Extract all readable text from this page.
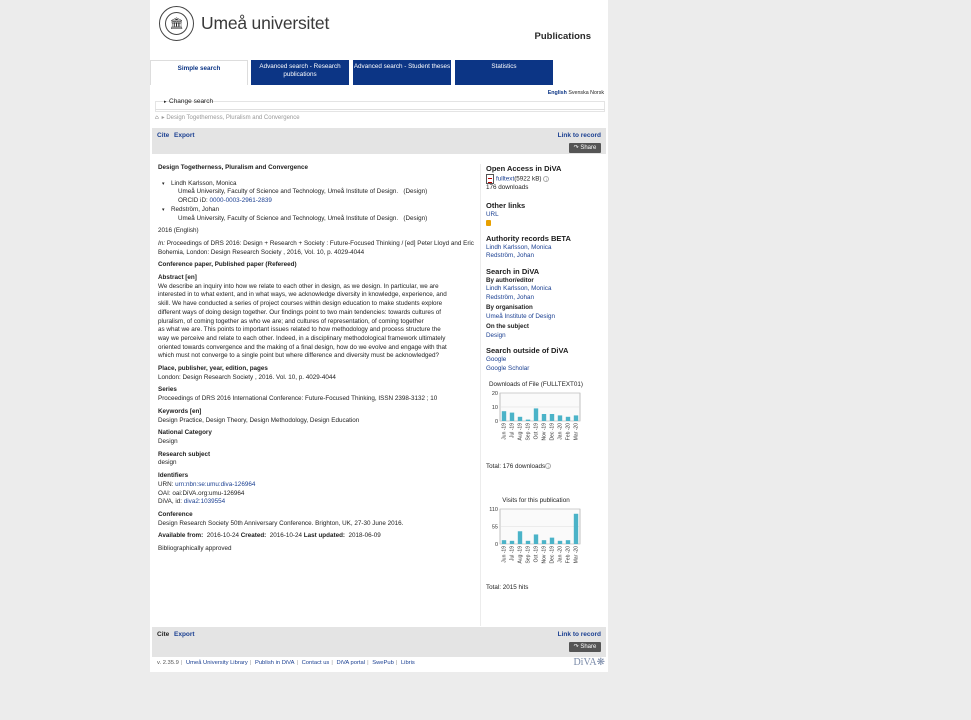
🏛 Umeå universitet
Publications
Simple search	Advanced search - Research publications
Advanced search - Student theses	Statistics
English Svenska Norsk
▸ Change search
⌂ ▸ Design Togetherness, Pluralism and Convergence
Cite Export	Link to record
↷ Share
Design Togetherness, Pluralism and Convergence
▾ Lindh Karlsson, Monica
Umeå University, Faculty of Science and Technology, Umeå Institute of Design. (Design)
ORCID iD: 0000-0003-2961-2839
▾ Redström, Johan
Umeå University, Faculty of Science and Technology, Umeå Institute of Design. (Design)
2016 (English)
In: Proceedings of DRS 2016: Design + Research + Society : Future-Focused Thinking / [ed] Peter Lloyd and Eric Bohemia, London: Design Research Society , 2016, Vol. 10, p. 4029-4044
Conference paper, Published paper (Refereed)
Abstract [en]
We describe an inquiry into how we relate to each other in design, as we design. In particular, we are
interested in to what extent, and in what ways, we acknowledge diversity in knowledge, experience, and
skill. We have conducted a series of project courses within design education to make students explore
different ways of doing design together. Our findings point to two main tendencies: towards cultures of
pluralism, of coming together as who we are; and cultures of representation, of coming together
as what we are. This points to important issues related to how methodology and process structure the
way we perceive and relate to each other. Indeed, in a disciplinary methodological framework ultimately
oriented towards convergence and the making of a final design, how do we evolve and engage with that
which must not converge to a single point but where difference and diversity must be acknowledged?
Place, publisher, year, edition, pages
London: Design Research Society , 2016. Vol. 10, p. 4029-4044
Series
Proceedings of DRS 2016 International Conference: Future-Focused Thinking, ISSN 2398-3132 ; 10
Keywords [en]
Design Practice, Design Theory, Design Methodology, Design Education
National Category
Design
Research subject
design
Identifiers
URN: urn:nbn:se:umu:diva-126964
OAI: oai:DiVA.org:umu-126964
DiVA, id: diva2:1039554
Conference
Design Research Society 50th Anniversary Conference. Brighton, UK, 27-30 June 2016.
Available from: 2016-10-24 Created: 2016-10-24 Last updated: 2018-06-09
Bibliographically approved
Open Access in DiVA
fulltext(5922 kB) i
176 downloads
Other links
URL
Authority records BETA
Lindh Karlsson, Monica
Redström, Johan
Search in DiVA
By author/editor
Lindh Karlsson, Monica
Redström, Johan
By organisation
Umeå Institute of Design
On the subject
Design
Search outside of DiVA
Google
Google Scholar
Downloads of File (FULLTEXT01)
0
10
20
Jun -19 Jul -19 Aug -19 Sep -19 Oct -19 Nov -19 Dec -19 Jan -20 Feb -20 Mar -20
Total: 176 downloads i
Visits for this publication
0
55
110
Jun -19 Jul -19 Aug -19 Sep -19 Oct -19 Nov -19 Dec -19 Jan -20 Feb -20 Mar -20
Total: 2015 hits
Cite Export	Link to record
↷ Share
v. 2.35.9 | Umeå University Library | Publish in DiVA | Contact us | DiVA portal | SwePub | Libris	DiVA❋
